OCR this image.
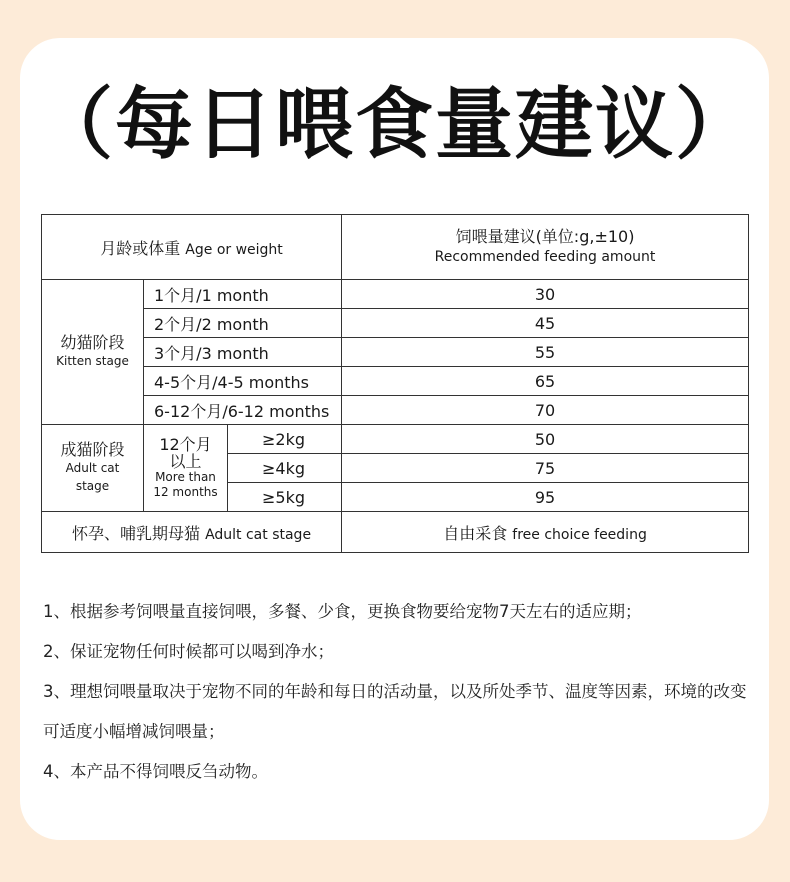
（每日喂食量建议）
月龄或体重 Age or weight			饲喂量建议(单位:g,±10)
Recommended feeding amount

幼猫阶段
Kitten stage	1个月/1 month		30
	2个月/2 month		45
	3个月/3 month		55
	4-5个月/4-5 months		65
	6-12个月/6-12 months		70
成猫阶段
Adult cat
stage	12个月
以上
More than
12 months	≥2kg	50
		≥4kg	75
		≥5kg	95
怀孕、哺乳期母猫 Adult cat stage			自由采食 free choice feeding

1、根据参考饲喂量直接饲喂，多餐、少食，更换食物要给宠物7天左右的适应期；

2、保证宠物任何时候都可以喝到净水；

3、理想饲喂量取决于宠物不同的年龄和每日的活动量，以及所处季节、温度等因素，环境的改变可适度小幅增减饲喂量；

4、本产品不得饲喂反刍动物。
